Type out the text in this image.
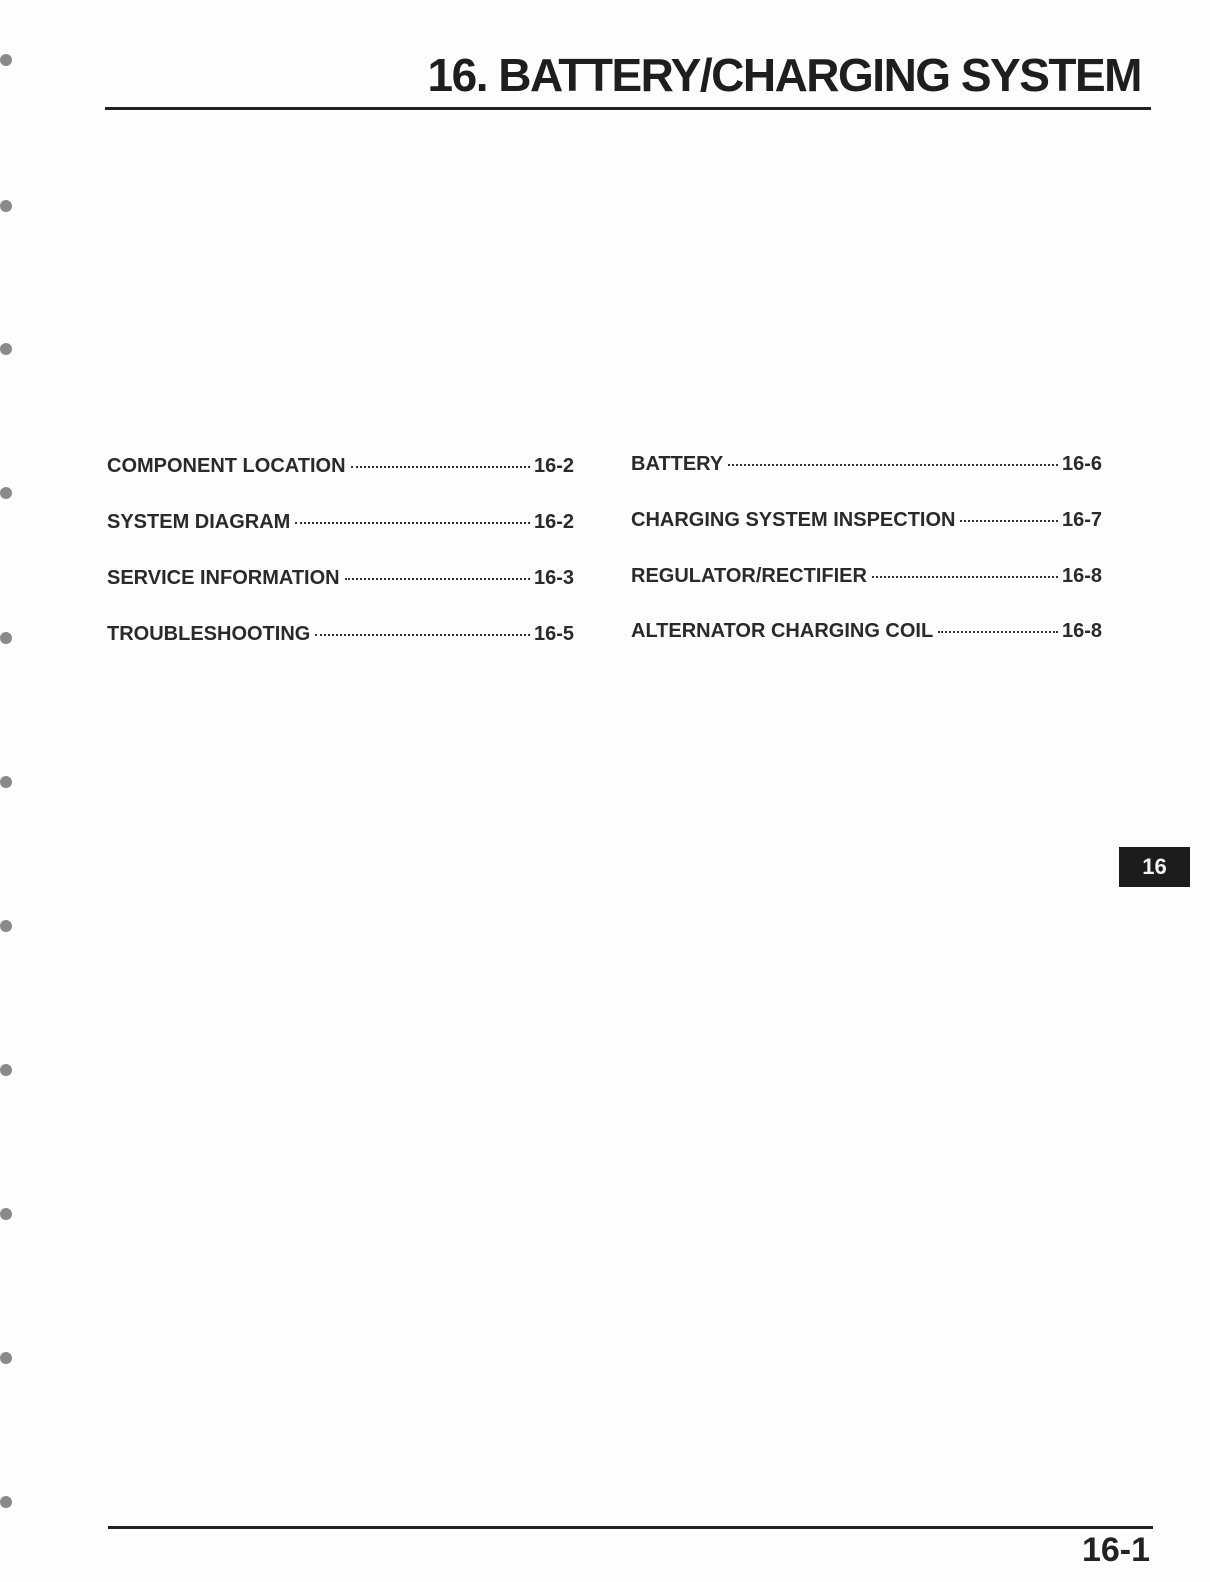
16. BATTERY/CHARGING SYSTEM
COMPONENT LOCATION	16-2
SYSTEM DIAGRAM	16-2
SERVICE INFORMATION	16-3
TROUBLESHOOTING	16-5
BATTERY	16-6
CHARGING SYSTEM INSPECTION	16-7
REGULATOR/RECTIFIER	16-8
ALTERNATOR CHARGING COIL	16-8
16
16-1
